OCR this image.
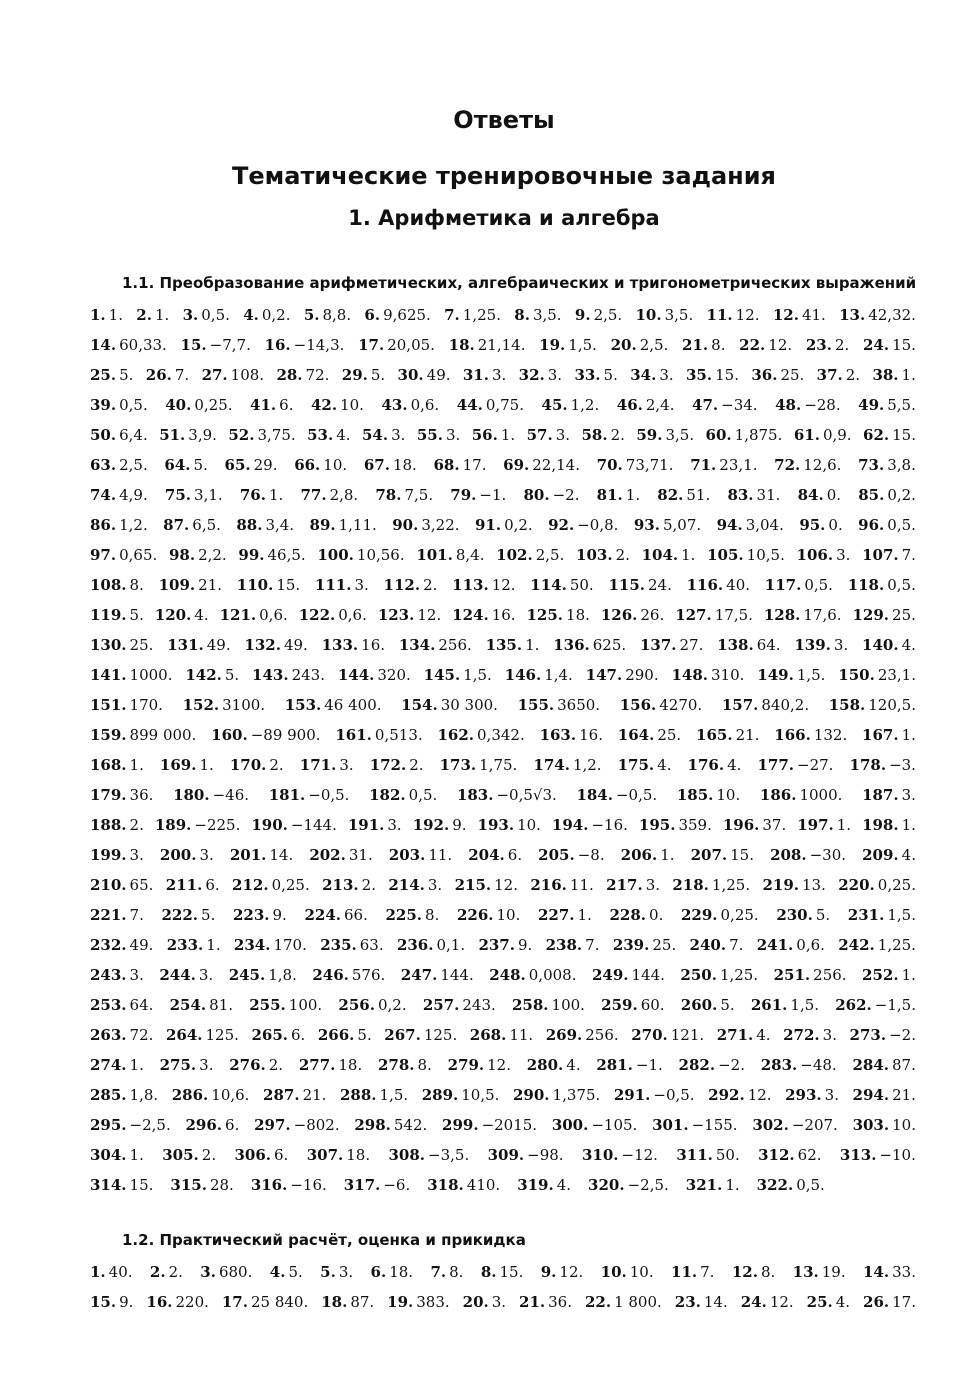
Ответы
Тематические тренировочные задания
1. Арифметика и алгебра
1.1. Преобразование арифметических, алгебраических и тригонометрических выражений
1. 1. 2. 1. 3. 0,5. 4. 0,2. 5. 8,8. 6. 9,625. 7. 1,25. 8. 3,5. 9. 2,5. 10. 3,5. 11. 12. 12. 41. 13. 42,32.
14. 60,33. 15. −7,7. 16. −14,3. 17. 20,05. 18. 21,14. 19. 1,5. 20. 2,5. 21. 8. 22. 12. 23. 2. 24. 15.
25. 5. 26. 7. 27. 108. 28. 72. 29. 5. 30. 49. 31. 3. 32. 3. 33. 5. 34. 3. 35. 15. 36. 25. 37. 2. 38. 1.
39. 0,5. 40. 0,25. 41. 6. 42. 10. 43. 0,6. 44. 0,75. 45. 1,2. 46. 2,4. 47. −34. 48. −28. 49. 5,5.
50. 6,4. 51. 3,9. 52. 3,75. 53. 4. 54. 3. 55. 3. 56. 1. 57. 3. 58. 2. 59. 3,5. 60. 1,875. 61. 0,9. 62. 15.
63. 2,5. 64. 5. 65. 29. 66. 10. 67. 18. 68. 17. 69. 22,14. 70. 73,71. 71. 23,1. 72. 12,6. 73. 3,8.
74. 4,9. 75. 3,1. 76. 1. 77. 2,8. 78. 7,5. 79. −1. 80. −2. 81. 1. 82. 51. 83. 31. 84. 0. 85. 0,2.
86. 1,2. 87. 6,5. 88. 3,4. 89. 1,11. 90. 3,22. 91. 0,2. 92. −0,8. 93. 5,07. 94. 3,04. 95. 0. 96. 0,5.
97. 0,65. 98. 2,2. 99. 46,5. 100. 10,56. 101. 8,4. 102. 2,5. 103. 2. 104. 1. 105. 10,5. 106. 3. 107. 7.
108. 8. 109. 21. 110. 15. 111. 3. 112. 2. 113. 12. 114. 50. 115. 24. 116. 40. 117. 0,5. 118. 0,5.
119. 5. 120. 4. 121. 0,6. 122. 0,6. 123. 12. 124. 16. 125. 18. 126. 26. 127. 17,5. 128. 17,6. 129. 25.
130. 25. 131. 49. 132. 49. 133. 16. 134. 256. 135. 1. 136. 625. 137. 27. 138. 64. 139. 3. 140. 4.
141. 1000. 142. 5. 143. 243. 144. 320. 145. 1,5. 146. 1,4. 147. 290. 148. 310. 149. 1,5. 150. 23,1.
151. 170. 152. 3100. 153. 46 400. 154. 30 300. 155. 3650. 156. 4270. 157. 840,2. 158. 120,5.
159. 899 000. 160. −89 900. 161. 0,513. 162. 0,342. 163. 16. 164. 25. 165. 21. 166. 132. 167. 1.
168. 1. 169. 1. 170. 2. 171. 3. 172. 2. 173. 1,75. 174. 1,2. 175. 4. 176. 4. 177. −27. 178. −3.
179. 36. 180. −46. 181. −0,5. 182. 0,5. 183. −0,5√3. 184. −0,5. 185. 10. 186. 1000. 187. 3.
188. 2. 189. −225. 190. −144. 191. 3. 192. 9. 193. 10. 194. −16. 195. 359. 196. 37. 197. 1. 198. 1.
199. 3. 200. 3. 201. 14. 202. 31. 203. 11. 204. 6. 205. −8. 206. 1. 207. 15. 208. −30. 209. 4.
210. 65. 211. 6. 212. 0,25. 213. 2. 214. 3. 215. 12. 216. 11. 217. 3. 218. 1,25. 219. 13. 220. 0,25.
221. 7. 222. 5. 223. 9. 224. 66. 225. 8. 226. 10. 227. 1. 228. 0. 229. 0,25. 230. 5. 231. 1,5.
232. 49. 233. 1. 234. 170. 235. 63. 236. 0,1. 237. 9. 238. 7. 239. 25. 240. 7. 241. 0,6. 242. 1,25.
243. 3. 244. 3. 245. 1,8. 246. 576. 247. 144. 248. 0,008. 249. 144. 250. 1,25. 251. 256. 252. 1.
253. 64. 254. 81. 255. 100. 256. 0,2. 257. 243. 258. 100. 259. 60. 260. 5. 261. 1,5. 262. −1,5.
263. 72. 264. 125. 265. 6. 266. 5. 267. 125. 268. 11. 269. 256. 270. 121. 271. 4. 272. 3. 273. −2.
274. 1. 275. 3. 276. 2. 277. 18. 278. 8. 279. 12. 280. 4. 281. −1. 282. −2. 283. −48. 284. 87.
285. 1,8. 286. 10,6. 287. 21. 288. 1,5. 289. 10,5. 290. 1,375. 291. −0,5. 292. 12. 293. 3. 294. 21.
295. −2,5. 296. 6. 297. −802. 298. 542. 299. −2015. 300. −105. 301. −155. 302. −207. 303. 10.
304. 1. 305. 2. 306. 6. 307. 18. 308. −3,5. 309. −98. 310. −12. 311. 50. 312. 62. 313. −10.
314. 15. 315. 28. 316. −16. 317. −6. 318. 410. 319. 4. 320. −2,5. 321. 1. 322. 0,5.
1.2. Практический расчёт, оценка и прикидка
1. 40. 2. 2. 3. 680. 4. 5. 5. 3. 6. 18. 7. 8. 8. 15. 9. 12. 10. 10. 11. 7. 12. 8. 13. 19. 14. 33.
15. 9. 16. 220. 17. 25 840. 18. 87. 19. 383. 20. 3. 21. 36. 22. 1 800. 23. 14. 24. 12. 25. 4. 26. 17.
